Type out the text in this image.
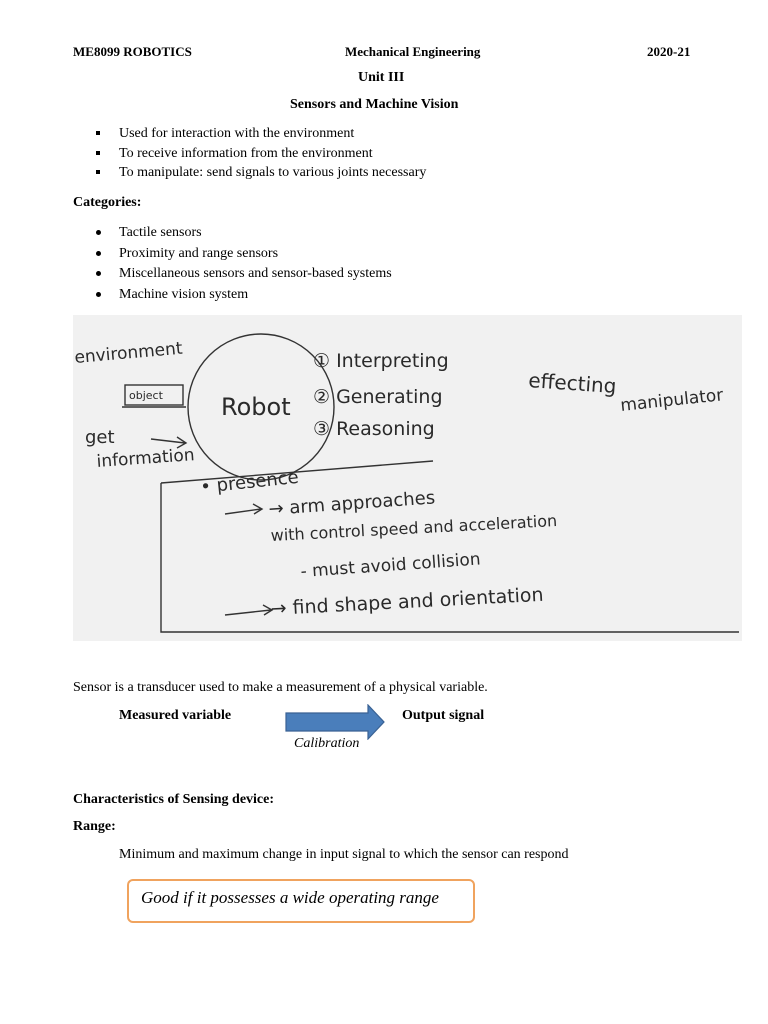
ME8099 ROBOTICS	Mechanical Engineering	2020-21
Unit III
Sensors and Machine Vision
Used for interaction with the environment
To receive information from the environment
To manipulate: send signals to various joints necessary
Categories:
Tactile sensors
Proximity and range sensors
Miscellaneous sensors and sensor-based systems
Machine vision system
environment
object Robot
① Interpreting
② Generating
③ Reasoning
effecting
manipulator
get
information
• presence
→ arm approaches
with control speed and acceleration
- must avoid collision
→ find shape and orientation
Sensor is a transducer used to make a measurement of a physical variable.
Measured variable	Output signal
Calibration
Characteristics of Sensing device:
Range:
Minimum and maximum change in input signal to which the sensor can respond
Good if it possesses a wide operating range
